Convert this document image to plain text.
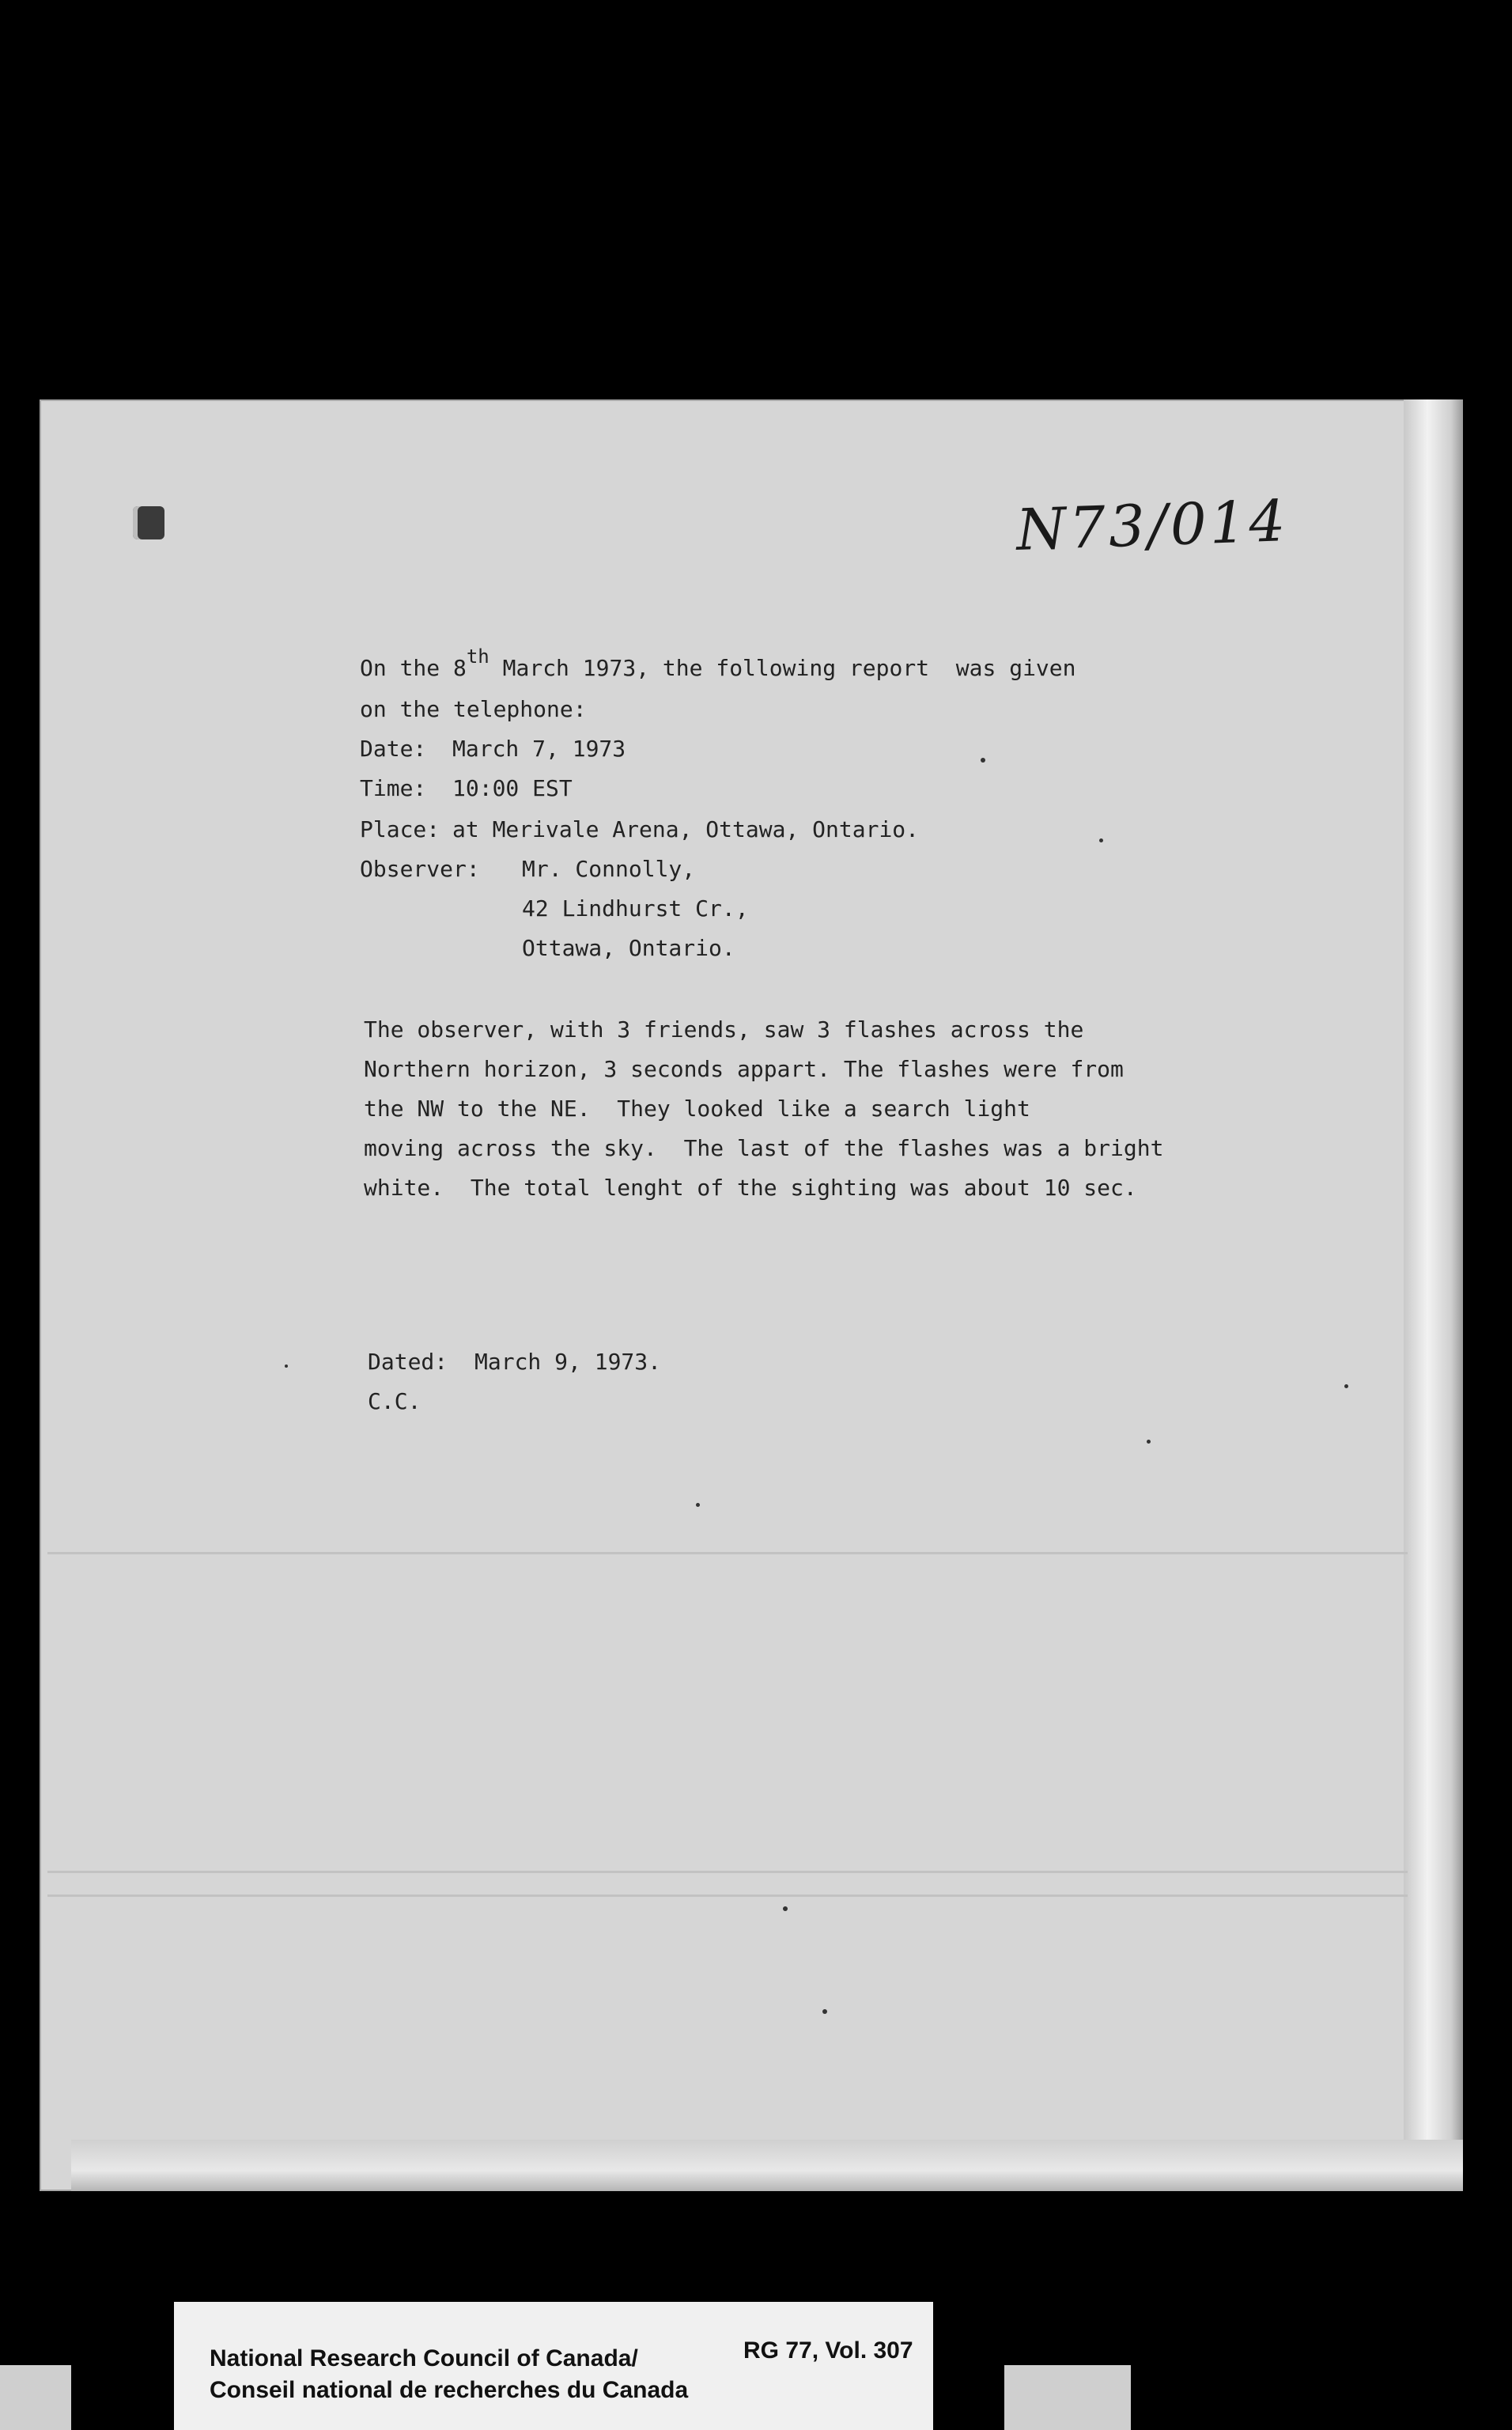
N73/014
On the 8th March 1973, the following report  was given
on the telephone:
Date: March 7, 1973
Time: 10:00 EST
Place: at Merivale Arena, Ottawa, Ontario.
Observer: Mr. Connolly,
42 Lindhurst Cr.,
Ottawa, Ontario.
The observer, with 3 friends, saw 3 flashes across the
Northern horizon, 3 seconds appart. The flashes were from
the NW to the NE.  They looked like a search light
moving across the sky.  The last of the flashes was a bright
white.  The total lenght of the sighting was about 10 sec.
Dated: March 9, 1973.
C.C.
National Research Council of Canada/
Conseil national de recherches du Canada
RG 77, Vol. 307
